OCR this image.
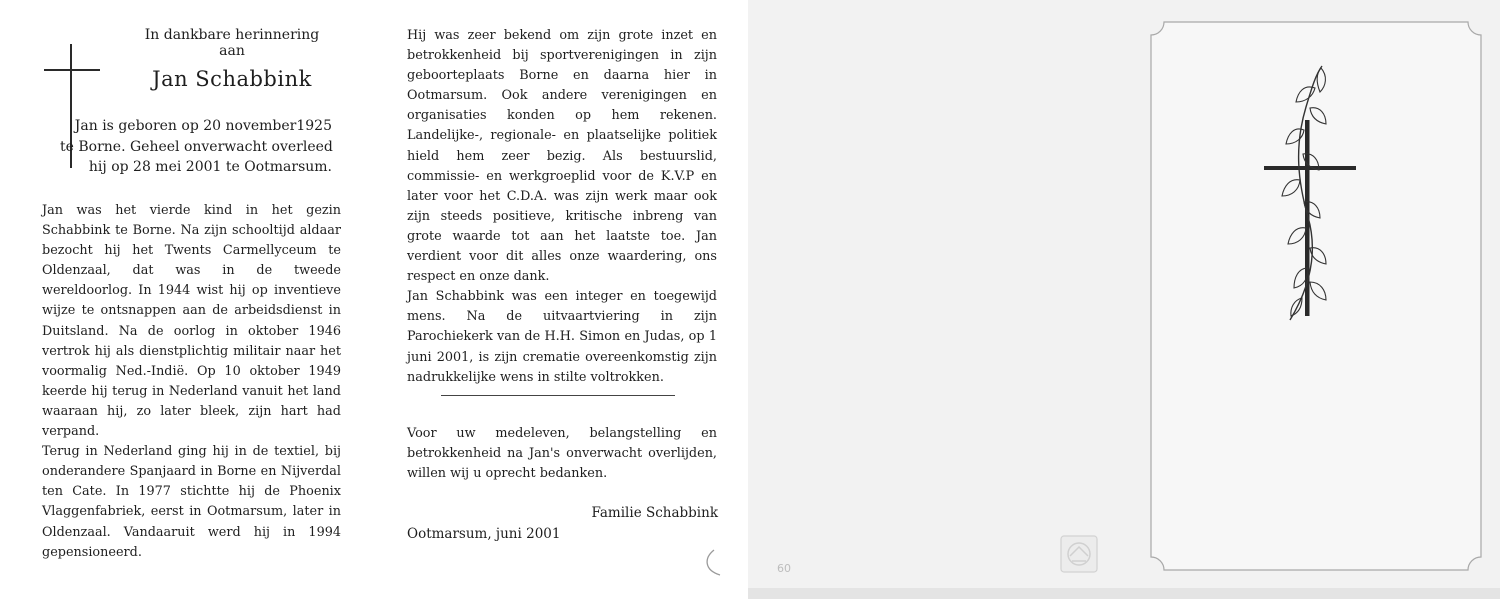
In dankbare herinnering aan
Jan Schabbink
Jan is geboren op 20 november1925
te Borne. Geheel onverwacht overleed
hij op 28 mei 2001 te Ootmarsum.

Jan was het vierde kind in het gezin Schabbink te Borne. Na zijn schooltijd aldaar bezocht hij het Twents Carmellyceum te Oldenzaal, dat was in de tweede wereldoorlog. In 1944 wist hij op inventieve wijze te ontsnappen aan de arbeidsdienst in Duitsland. Na de oorlog in oktober 1946 vertrok hij als dienstplichtig militair naar het voormalig Ned.-Indië. Op 10 oktober 1949 keerde hij terug in Nederland vanuit het land waaraan hij, zo later bleek, zijn hart had verpand.

Terug in Nederland ging hij in de textiel, bij onderandere Spanjaard in Borne en Nijverdal ten Cate. In 1977 stichtte hij de Phoenix Vlaggenfabriek, eerst in Ootmarsum, later in Oldenzaal. Vandaaruit werd hij in 1994 gepensioneerd.

Hij was zeer bekend om zijn grote inzet en betrokkenheid bij sportverenigingen in zijn geboorteplaats Borne en daarna hier in Ootmarsum. Ook andere verenigingen en organisaties konden op hem rekenen. Landelijke-, regionale- en plaatselijke politiek hield hem zeer bezig. Als bestuurslid, commissie- en werkgroeplid voor de K.V.P en later voor het C.D.A. was zijn werk maar ook zijn steeds positieve, kritische inbreng van grote waarde tot aan het laatste toe. Jan verdient voor dit alles onze waardering, ons respect en onze dank.

Jan Schabbink was een integer en toegewijd mens. Na de uitvaartviering in zijn Parochiekerk van de H.H. Simon en Judas, op 1 juni 2001, is zijn crematie overeenkomstig zijn nadrukkelijke wens in stilte voltrokken.

Voor uw medeleven, belangstelling en betrokkenheid na Jan's onverwacht overlijden, willen wij u oprecht bedanken.
Familie Schabbink
Ootmarsum, juni 2001
60
